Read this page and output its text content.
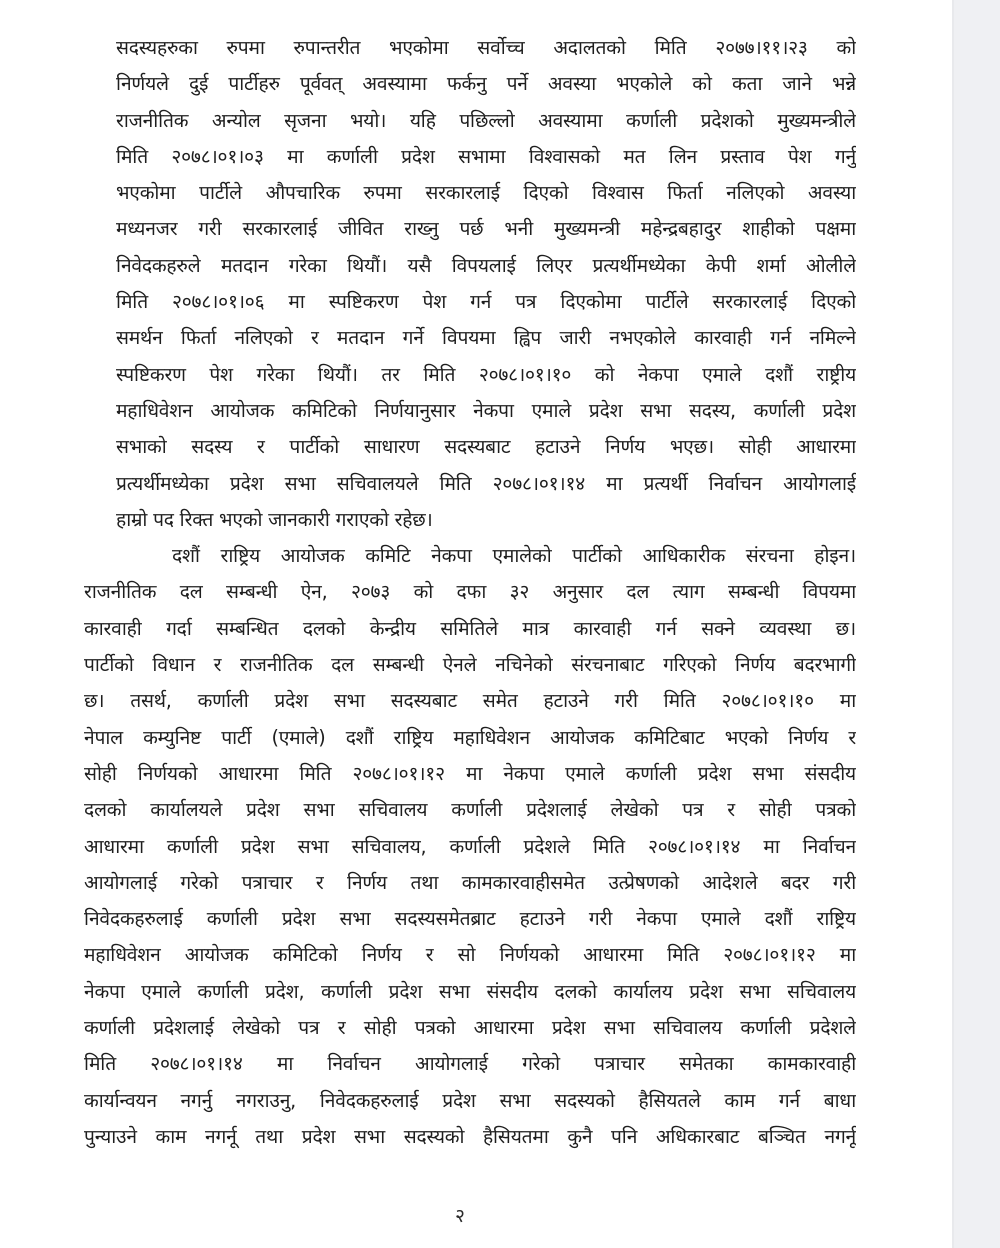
सदस्यहरुका रुपमा रुपान्तरीत भएकोमा सर्वोच्च अदालतको मिति २०७७।११।२३ को
निर्णयले दुई पार्टीहरु पूर्ववत् अवस्यामा फर्कनु पर्ने अवस्या भएकोले को कता जाने भन्ने
राजनीतिक अन्योल सृजना भयो। यहि पछिल्लो अवस्यामा कर्णाली प्रदेशको मुख्यमन्त्रीले
मिति २०७८।०१।०३ मा कर्णाली प्रदेश सभामा विश्वासको मत लिन प्रस्ताव पेश गर्नु
भएकोमा पार्टीले औपचारिक रुपमा सरकारलाई दिएको विश्वास फिर्ता नलिएको अवस्या
मध्यनजर गरी सरकारलाई जीवित राख्नु पर्छ भनी मुख्यमन्त्री महेन्द्रबहादुर शाहीको पक्षमा
निवेदकहरुले मतदान गरेका थियौं। यसै विपयलाई लिएर प्रत्यर्थीमध्येका केपी शर्मा ओलीले
मिति २०७८।०१।०६ मा स्पष्टिकरण पेश गर्न पत्र दिएकोमा पार्टीले सरकारलाई दिएको
समर्थन फिर्ता नलिएको र मतदान गर्ने विपयमा ह्विप जारी नभएकोले कारवाही गर्न नमिल्ने
स्पष्टिकरण पेश गरेका थियौं। तर मिति २०७८।०१।१० को नेकपा एमाले दशौं राष्ट्रीय
महाधिवेशन आयोजक कमिटिको निर्णयानुसार नेकपा एमाले प्रदेश सभा सदस्य, कर्णाली प्रदेश
सभाको सदस्य र पार्टीको साधारण सदस्यबाट हटाउने निर्णय भएछ। सोही आधारमा
प्रत्यर्थीमध्येका प्रदेश सभा सचिवालयले मिति २०७८।०१।१४ मा प्रत्यर्थी निर्वाचन आयोगलाई
हाम्रो पद रिक्त भएको जानकारी गराएको रहेछ।
दशौं राष्ट्रिय आयोजक कमिटि नेकपा एमालेको पार्टीको आधिकारीक संरचना होइन।
राजनीतिक दल सम्बन्धी ऐन, २०७३ को दफा ३२ अनुसार दल त्याग सम्बन्धी विपयमा
कारवाही गर्दा सम्बन्धित दलको केन्द्रीय समितिले मात्र कारवाही गर्न सक्ने व्यवस्था छ।
पार्टीको विधान र राजनीतिक दल सम्बन्धी ऐनले नचिनेको संरचनाबाट गरिएको निर्णय बदरभागी
छ। तसर्थ, कर्णाली प्रदेश सभा सदस्यबाट समेत हटाउने गरी मिति २०७८।०१।१० मा
नेपाल कम्युनिष्ट पार्टी (एमाले) दशौं राष्ट्रिय महाधिवेशन आयोजक कमिटिबाट भएको निर्णय र
सोही निर्णयको आधारमा मिति २०७८।०१।१२ मा नेकपा एमाले कर्णाली प्रदेश सभा संसदीय
दलको कार्यालयले प्रदेश सभा सचिवालय कर्णाली प्रदेशलाई लेखेको पत्र र सोही पत्रको
आधारमा कर्णाली प्रदेश सभा सचिवालय, कर्णाली प्रदेशले मिति २०७८।०१।१४ मा निर्वाचन
आयोगलाई गरेको पत्राचार र निर्णय तथा कामकारवाहीसमेत उत्प्रेषणको आदेशले बदर गरी
निवेदकहरुलाई कर्णाली प्रदेश सभा सदस्यसमेतब्राट हटाउने गरी नेकपा एमाले दशौं राष्ट्रिय
महाधिवेशन आयोजक कमिटिको निर्णय र सो निर्णयको आधारमा मिति २०७८।०१।१२ मा
नेकपा एमाले कर्णाली प्रदेश, कर्णाली प्रदेश सभा संसदीय दलको कार्यालय प्रदेश सभा सचिवालय
कर्णाली प्रदेशलाई लेखेको पत्र र सोही पत्रको आधारमा प्रदेश सभा सचिवालय कर्णाली प्रदेशले
मिति २०७८।०१।१४ मा निर्वाचन आयोगलाई गरेको पत्राचार समेतका कामकारवाही
कार्यान्वयन नगर्नु नगराउनु, निवेदकहरुलाई प्रदेश सभा सदस्यको हैसियतले काम गर्न बाधा
पुन्याउने काम नगर्नू तथा प्रदेश सभा सदस्यको हैसियतमा कुनै पनि अधिकारबाट बञ्चित नगर्नू
२
